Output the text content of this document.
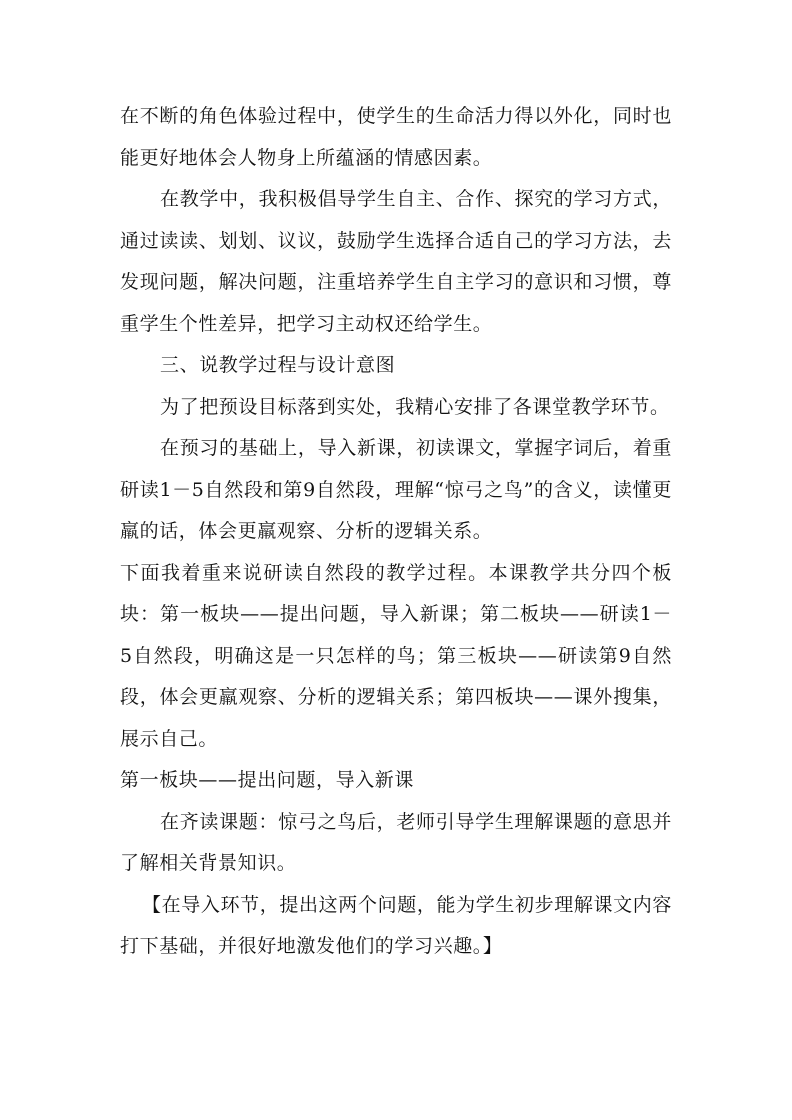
在不断的角色体验过程中，使学生的生命活力得以外化，同时也能更好地体会人物身上所蕴涵的情感因素。

在教学中，我积极倡导学生自主、合作、探究的学习方式，通过读读、划划、议议，鼓励学生选择合适自己的学习方法，去发现问题，解决问题，注重培养学生自主学习的意识和习惯，尊重学生个性差异，把学习主动权还给学生。

三、说教学过程与设计意图

为了把预设目标落到实处，我精心安排了各课堂教学环节。

在预习的基础上，导入新课，初读课文，掌握字词后，着重研读1－5自然段和第9自然段，理解“惊弓之鸟”的含义，读懂更羸的话，体会更羸观察、分析的逻辑关系。

下面我着重来说研读自然段的教学过程。本课教学共分四个板块：第一板块——提出问题，导入新课；第二板块——研读1－5自然段，明确这是一只怎样的鸟；第三板块——研读第9自然段，体会更羸观察、分析的逻辑关系；第四板块——课外搜集，展示自己。

第一板块——提出问题，导入新课

在齐读课题：惊弓之鸟后，老师引导学生理解课题的意思并了解相关背景知识。

【在导入环节，提出这两个问题，能为学生初步理解课文内容打下基础，并很好地激发他们的学习兴趣。】
